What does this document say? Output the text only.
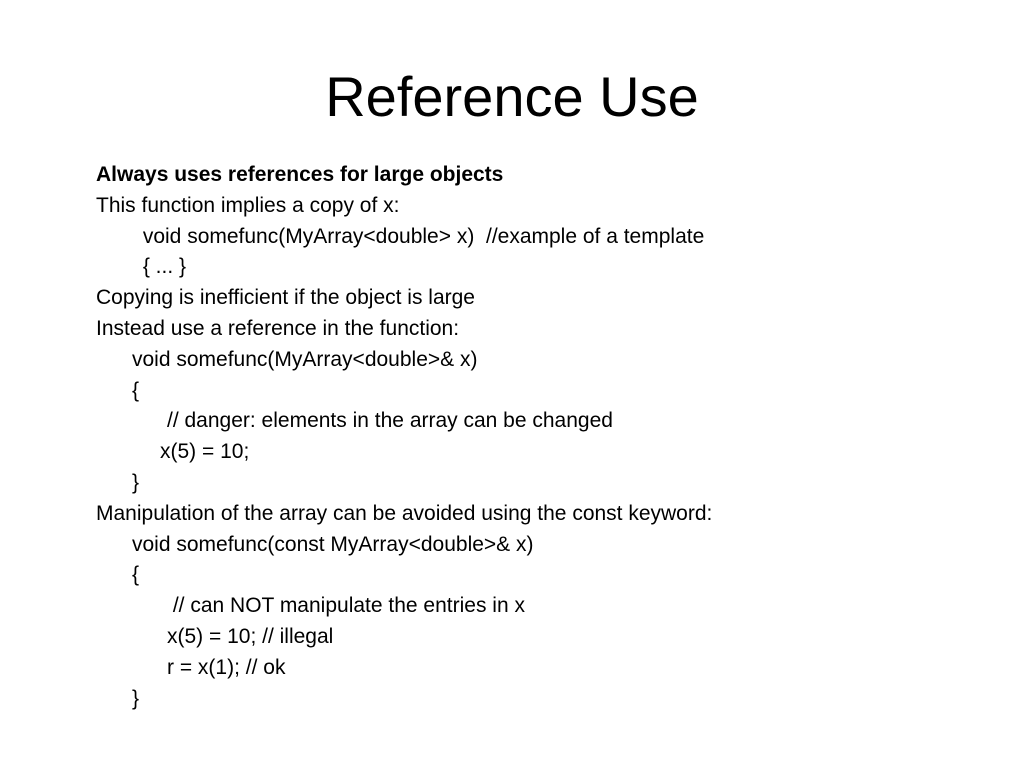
Reference Use
Always uses references for large objects
This function implies a copy of x:
void somefunc(MyArray<double> x)  //example of a template
{ ... }
Copying is inefficient if the object is large
Instead use a reference in the function:
void somefunc(MyArray<double>& x)
{
// danger: elements in the array can be changed
x(5) = 10;
}
Manipulation of the array can be avoided using the const keyword:
void somefunc(const MyArray<double>& x)
{
// can NOT manipulate the entries in x
x(5) = 10; // illegal
r = x(1); // ok
}
